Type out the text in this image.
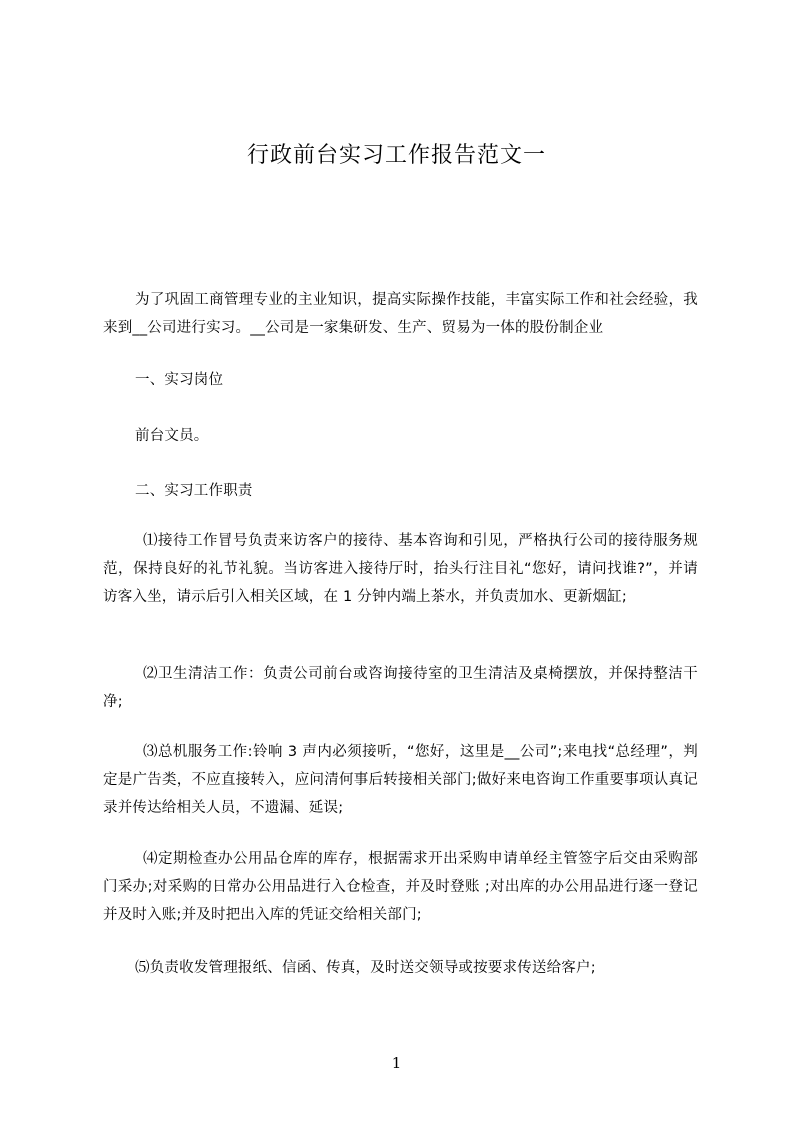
行政前台实习工作报告范文一

为了巩固工商管理专业的主业知识，提高实际操作技能，丰富实际工作和社会经验，我来到__公司进行实习。__公司是一家集研发、生产、贸易为一体的股份制企业

一、实习岗位

前台文员。

二、实习工作职责

⑴接待工作冒号负责来访客户的接待、基本咨询和引见，严格执行公司的接待服务规范，保持良好的礼节礼貌。当访客进入接待厅时，抬头行注目礼“您好，请问找谁?”，并请访客入坐，请示后引入相关区域，在 1 分钟内端上茶水，并负责加水、更新烟缸;

⑵卫生清洁工作：负责公司前台或咨询接待室的卫生清洁及桌椅摆放，并保持整洁干净;

⑶总机服务工作:铃响 3 声内必须接听，“您好，这里是__公司”;来电找“总经理”，判定是广告类，不应直接转入，应问清何事后转接相关部门;做好来电咨询工作重要事项认真记录并传达给相关人员，不遗漏、延误;

⑷定期检查办公用品仓库的库存，根据需求开出采购申请单经主管签字后交由采购部门采办;对采购的日常办公用品进行入仓检查，并及时登账 ;对出库的办公用品进行逐一登记并及时入账;并及时把出入库的凭证交给相关部门;

⑸负责收发管理报纸、信函、传真，及时送交领导或按要求传送给客户;

1
